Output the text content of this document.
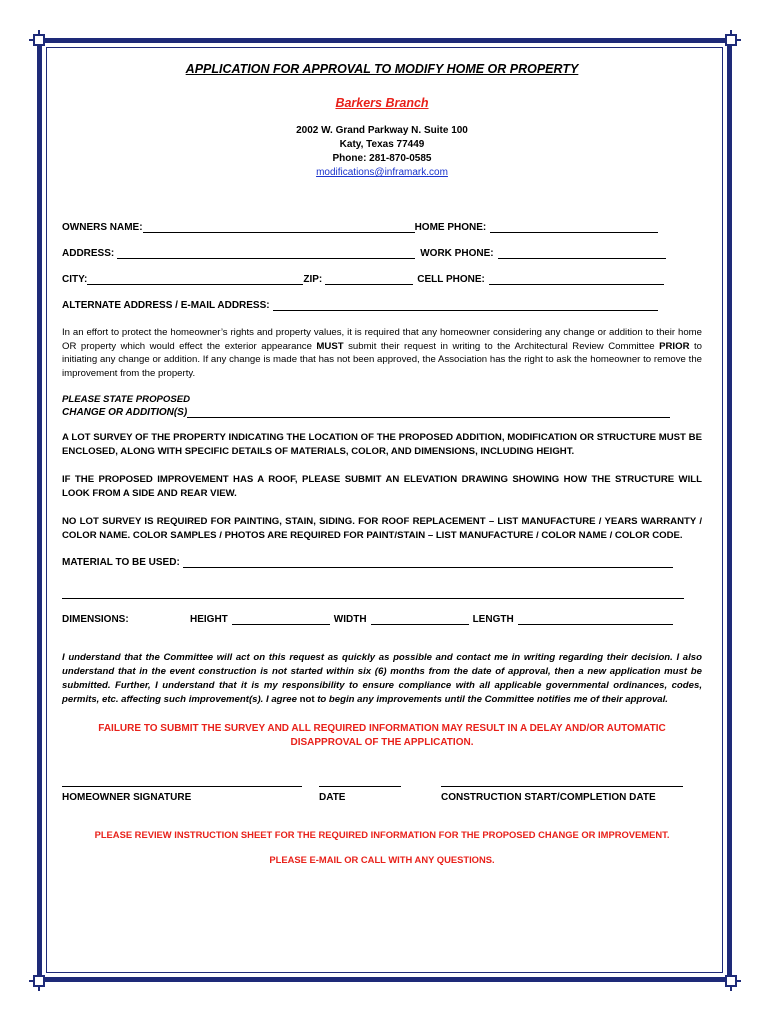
APPLICATION FOR APPROVAL TO MODIFY HOME OR PROPERTY
Barkers Branch
2002 W. Grand Parkway N. Suite 100
Katy, Texas 77449
Phone: 281-870-0585
modifications@inframark.com
OWNERS NAME:	HOME PHONE:
ADDRESS:	WORK PHONE:
CITY:	ZIP:	CELL PHONE:
ALTERNATE ADDRESS / E-MAIL ADDRESS:
In an effort to protect the homeowner’s rights and property values, it is required that any homeowner considering any change or addition to their home OR property which would effect the exterior appearance MUST submit their request in writing to the Architectural Review Committee PRIOR to initiating any change or addition. If any change is made that has not been approved, the Association has the right to ask the homeowner to remove the improvement from the property.
PLEASE STATE PROPOSED
CHANGE OR ADDITION(S)
A LOT SURVEY OF THE PROPERTY INDICATING THE LOCATION OF THE PROPOSED ADDITION, MODIFICATION OR STRUCTURE MUST BE ENCLOSED, ALONG WITH SPECIFIC DETAILS OF MATERIALS, COLOR, AND DIMENSIONS, INCLUDING HEIGHT.
IF THE PROPOSED IMPROVEMENT HAS A ROOF, PLEASE SUBMIT AN ELEVATION DRAWING SHOWING HOW THE STRUCTURE WILL LOOK FROM A SIDE AND REAR VIEW.
NO LOT SURVEY IS REQUIRED FOR PAINTING, STAIN, SIDING. FOR ROOF REPLACEMENT – LIST MANUFACTURE / YEARS WARRANTY / COLOR NAME. COLOR SAMPLES / PHOTOS ARE REQUIRED FOR PAINT/STAIN – LIST MANUFACTURE / COLOR NAME / COLOR CODE.
MATERIAL TO BE USED:
DIMENSIONS:	HEIGHT	WIDTH	LENGTH
I understand that the Committee will act on this request as quickly as possible and contact me in writing regarding their decision. I also understand that in the event construction is not started within six (6) months from the date of approval, then a new application must be submitted. Further, I understand that it is my responsibility to ensure compliance with all applicable governmental ordinances, codes, permits, etc. affecting such improvement(s). I agree not to begin any improvements until the Committee notifies me of their approval.
FAILURE TO SUBMIT THE SURVEY AND ALL REQUIRED INFORMATION MAY RESULT IN A DELAY AND/OR AUTOMATIC DISAPPROVAL OF THE APPLICATION.
HOMEOWNER SIGNATURE	DATE	CONSTRUCTION START/COMPLETION DATE
PLEASE REVIEW INSTRUCTION SHEET FOR THE REQUIRED INFORMATION FOR THE PROPOSED CHANGE OR IMPROVEMENT.
PLEASE E-MAIL OR CALL WITH ANY QUESTIONS.
